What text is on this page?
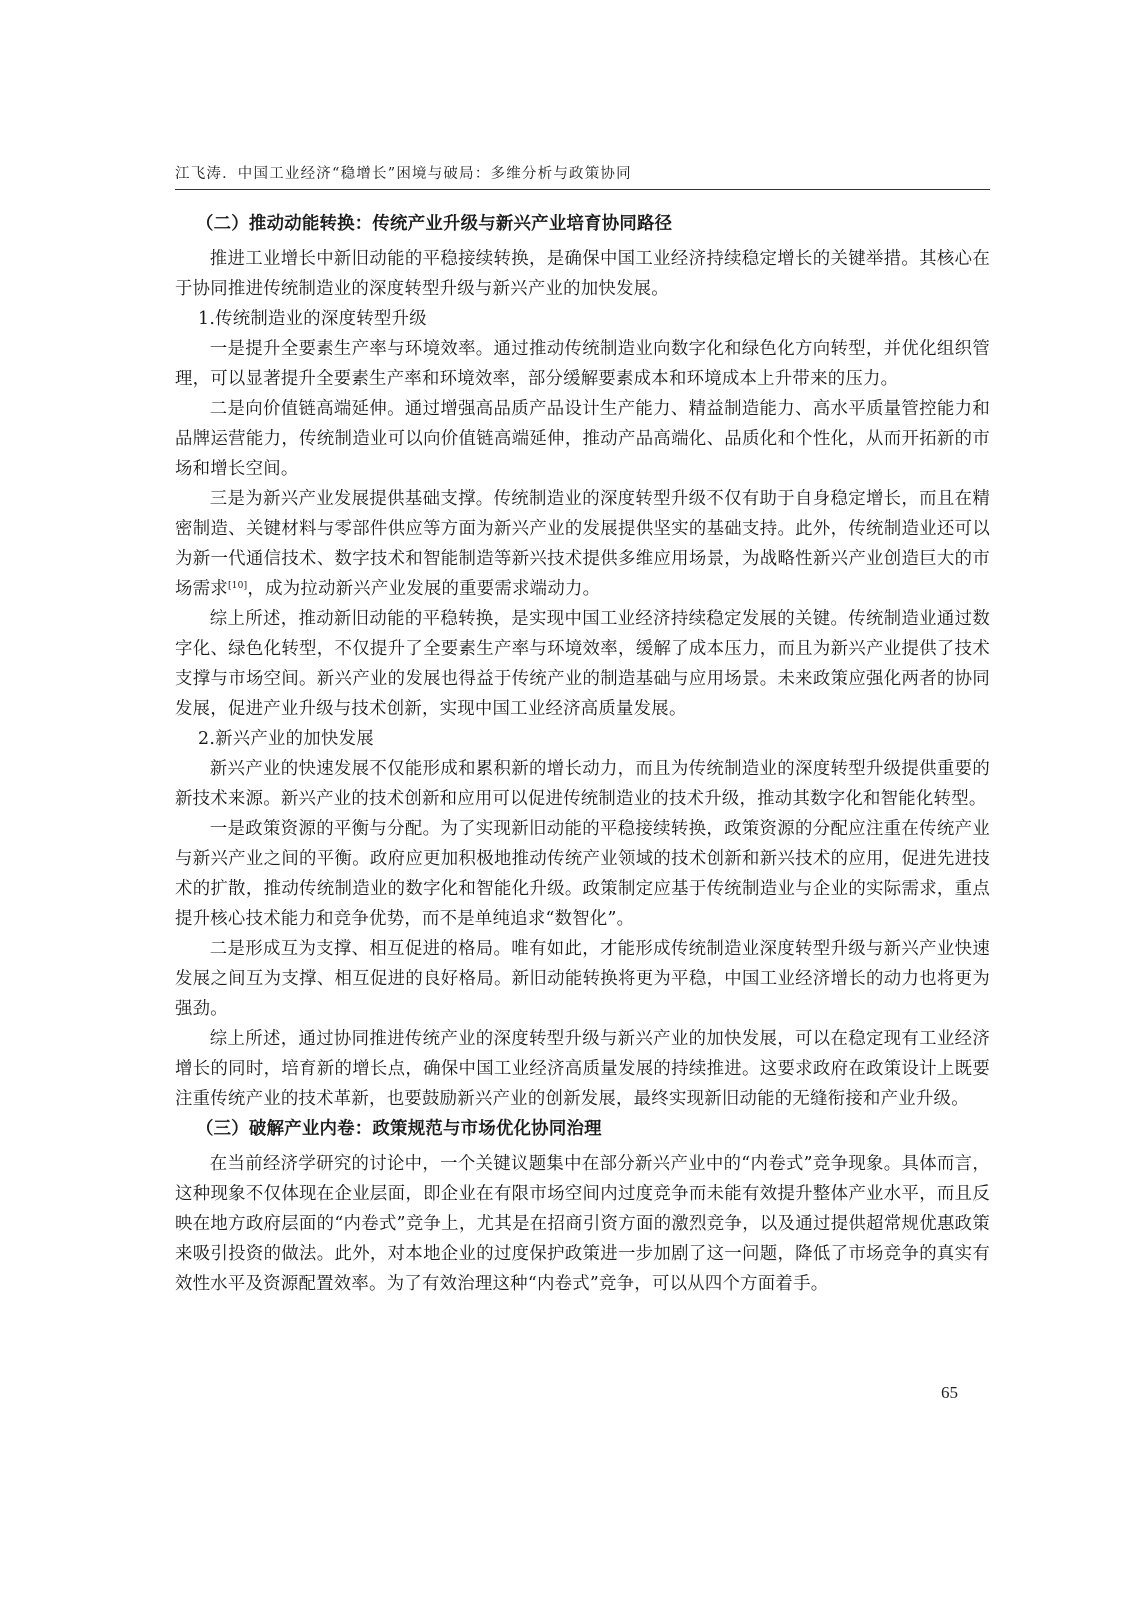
江飞涛．中国工业经济“稳增长”困境与破局：多维分析与政策协同
（二）推动动能转换：传统产业升级与新兴产业培育协同路径

推进工业增长中新旧动能的平稳接续转换，是确保中国工业经济持续稳定增长的关键举措。其核心在于协同推进传统制造业的深度转型升级与新兴产业的加快发展。

1.传统制造业的深度转型升级

一是提升全要素生产率与环境效率。通过推动传统制造业向数字化和绿色化方向转型，并优化组织管理，可以显著提升全要素生产率和环境效率，部分缓解要素成本和环境成本上升带来的压力。

二是向价值链高端延伸。通过增强高品质产品设计生产能力、精益制造能力、高水平质量管控能力和品牌运营能力，传统制造业可以向价值链高端延伸，推动产品高端化、品质化和个性化，从而开拓新的市场和增长空间。

三是为新兴产业发展提供基础支撑。传统制造业的深度转型升级不仅有助于自身稳定增长，而且在精密制造、关键材料与零部件供应等方面为新兴产业的发展提供坚实的基础支持。此外，传统制造业还可以为新一代通信技术、数字技术和智能制造等新兴技术提供多维应用场景，为战略性新兴产业创造巨大的市场需求[10]，成为拉动新兴产业发展的重要需求端动力。

综上所述，推动新旧动能的平稳转换，是实现中国工业经济持续稳定发展的关键。传统制造业通过数字化、绿色化转型，不仅提升了全要素生产率与环境效率，缓解了成本压力，而且为新兴产业提供了技术支撑与市场空间。新兴产业的发展也得益于传统产业的制造基础与应用场景。未来政策应强化两者的协同发展，促进产业升级与技术创新，实现中国工业经济高质量发展。

2.新兴产业的加快发展

新兴产业的快速发展不仅能形成和累积新的增长动力，而且为传统制造业的深度转型升级提供重要的新技术来源。新兴产业的技术创新和应用可以促进传统制造业的技术升级，推动其数字化和智能化转型。

一是政策资源的平衡与分配。为了实现新旧动能的平稳接续转换，政策资源的分配应注重在传统产业与新兴产业之间的平衡。政府应更加积极地推动传统产业领域的技术创新和新兴技术的应用，促进先进技术的扩散，推动传统制造业的数字化和智能化升级。政策制定应基于传统制造业与企业的实际需求，重点提升核心技术能力和竞争优势，而不是单纯追求“数智化”。

二是形成互为支撑、相互促进的格局。唯有如此，才能形成传统制造业深度转型升级与新兴产业快速发展之间互为支撑、相互促进的良好格局。新旧动能转换将更为平稳，中国工业经济增长的动力也将更为强劲。

综上所述，通过协同推进传统产业的深度转型升级与新兴产业的加快发展，可以在稳定现有工业经济增长的同时，培育新的增长点，确保中国工业经济高质量发展的持续推进。这要求政府在政策设计上既要注重传统产业的技术革新，也要鼓励新兴产业的创新发展，最终实现新旧动能的无缝衔接和产业升级。

（三）破解产业内卷：政策规范与市场优化协同治理

在当前经济学研究的讨论中，一个关键议题集中在部分新兴产业中的“内卷式”竞争现象。具体而言，这种现象不仅体现在企业层面，即企业在有限市场空间内过度竞争而未能有效提升整体产业水平，而且反映在地方政府层面的“内卷式”竞争上，尤其是在招商引资方面的激烈竞争，以及通过提供超常规优惠政策来吸引投资的做法。此外，对本地企业的过度保护政策进一步加剧了这一问题，降低了市场竞争的真实有效性水平及资源配置效率。为了有效治理这种“内卷式”竞争，可以从四个方面着手。

65
